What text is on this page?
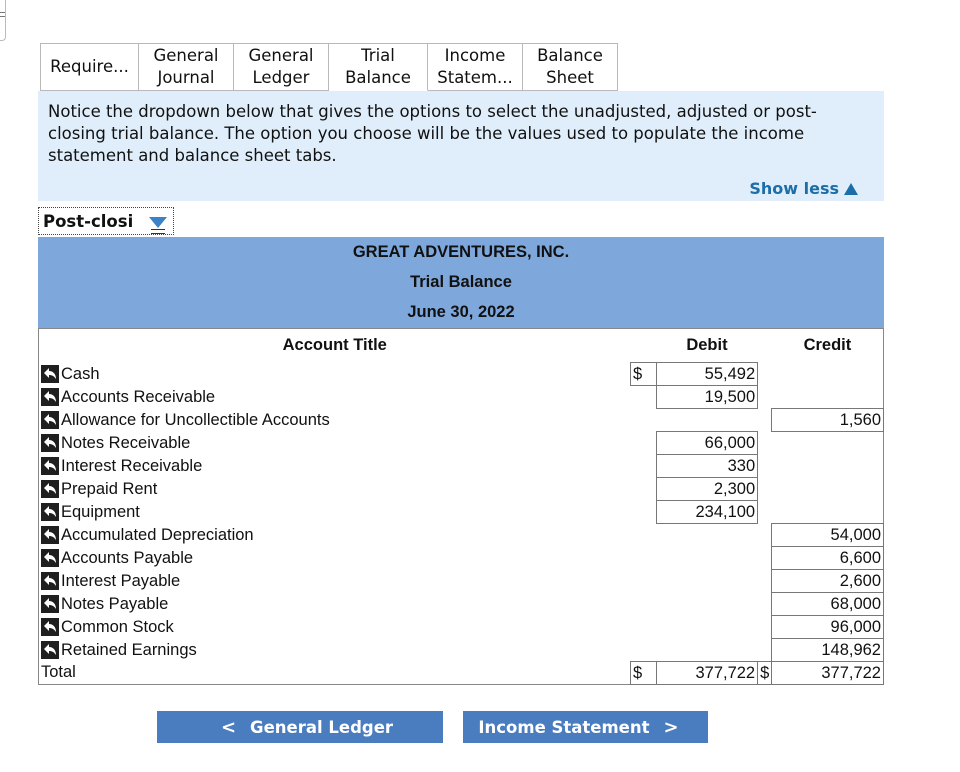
Require...
General
Journal
General
Ledger
Trial
Balance
Income
Statem...
Balance
Sheet
Notice the dropdown below that gives the options to select the unadjusted, adjusted or post-closing trial balance. The option you choose will be the values used to populate the income statement and balance sheet tabs.
Show less
Post-closi
GREAT ADVENTURES, INC.
Trial Balance
June 30, 2022
Account Title		Debit		Credit

Cash	$	55,492		

Accounts Receivable		19,500		

Allowance for Uncollectible Accounts				1,560

Notes Receivable		66,000		

Interest Receivable		330		

Prepaid Rent		2,300		

Equipment		234,100		

Accumulated Depreciation				54,000

Accounts Payable				6,600

Interest Payable				2,600

Notes Payable				68,000

Common Stock				96,000

Retained Earnings				148,962
Total	$	377,722	$	377,722
< General Ledger	Income Statement >
